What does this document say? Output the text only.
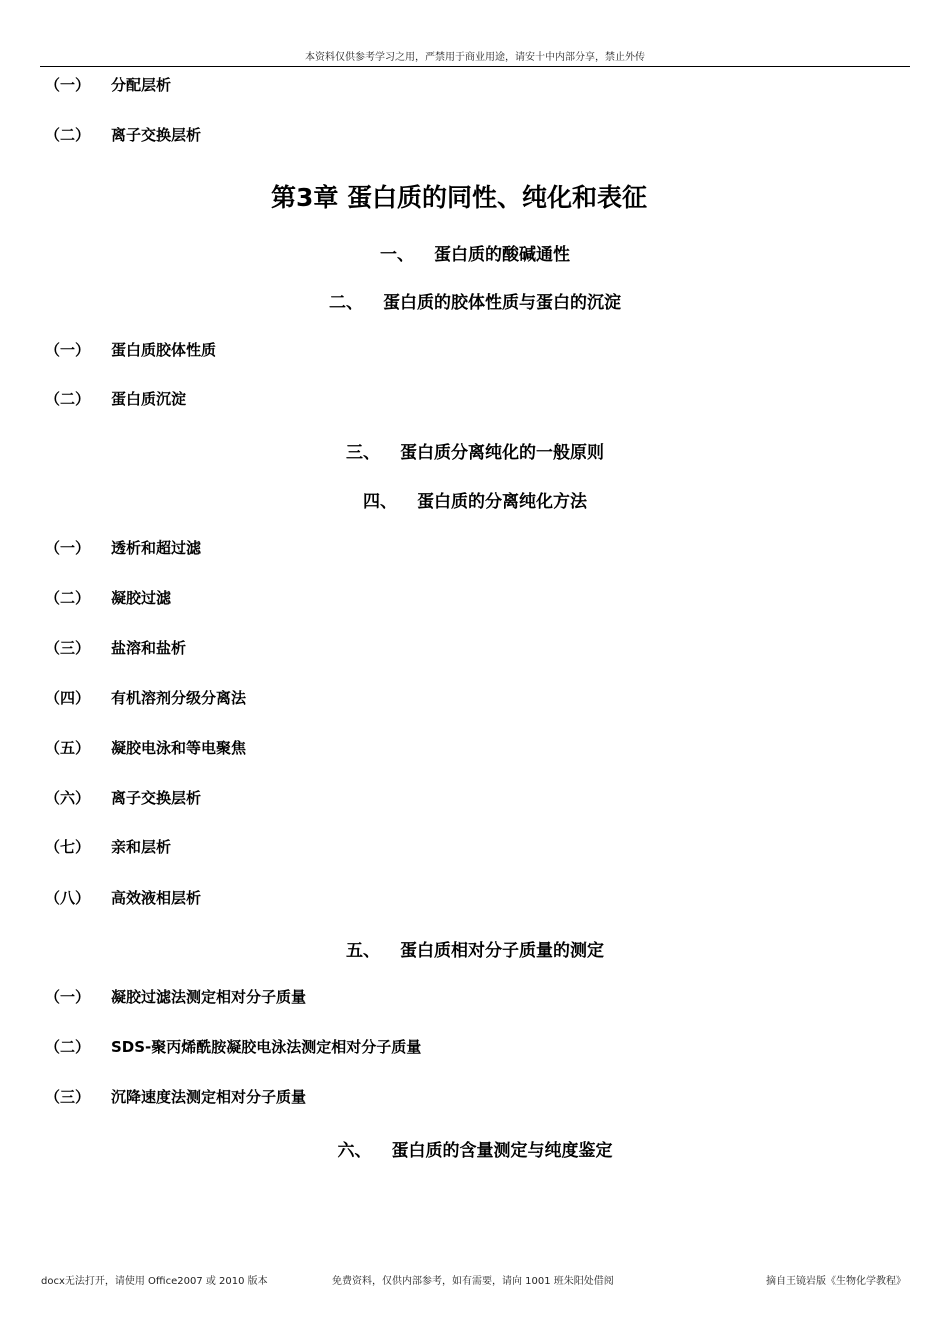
本资料仅供参考学习之用，严禁用于商业用途，请安十中内部分享，禁止外传
（一） 分配层析
（二） 离子交换层析
第3章 蛋白质的同性、纯化和表征
一、 蛋白质的酸碱通性
二、 蛋白质的胶体性质与蛋白的沉淀
（一） 蛋白质胶体性质
（二） 蛋白质沉淀
三、 蛋白质分离纯化的一般原则
四、 蛋白质的分离纯化方法
（一） 透析和超过滤
（二） 凝胶过滤
（三） 盐溶和盐析
（四） 有机溶剂分级分离法
（五） 凝胶电泳和等电聚焦
（六） 离子交换层析
（七） 亲和层析
（八） 高效液相层析
五、 蛋白质相对分子质量的测定
（一） 凝胶过滤法测定相对分子质量
（二） SDS-聚丙烯酰胺凝胶电泳法测定相对分子质量
（三） 沉降速度法测定相对分子质量
六、 蛋白质的含量测定与纯度鉴定
docx无法打开，请使用 Office2007 或 2010 版本	免费资料，仅供内部参考，如有需要，请向 1001 班朱阳处借阅	摘自王镜岩版《生物化学教程》
